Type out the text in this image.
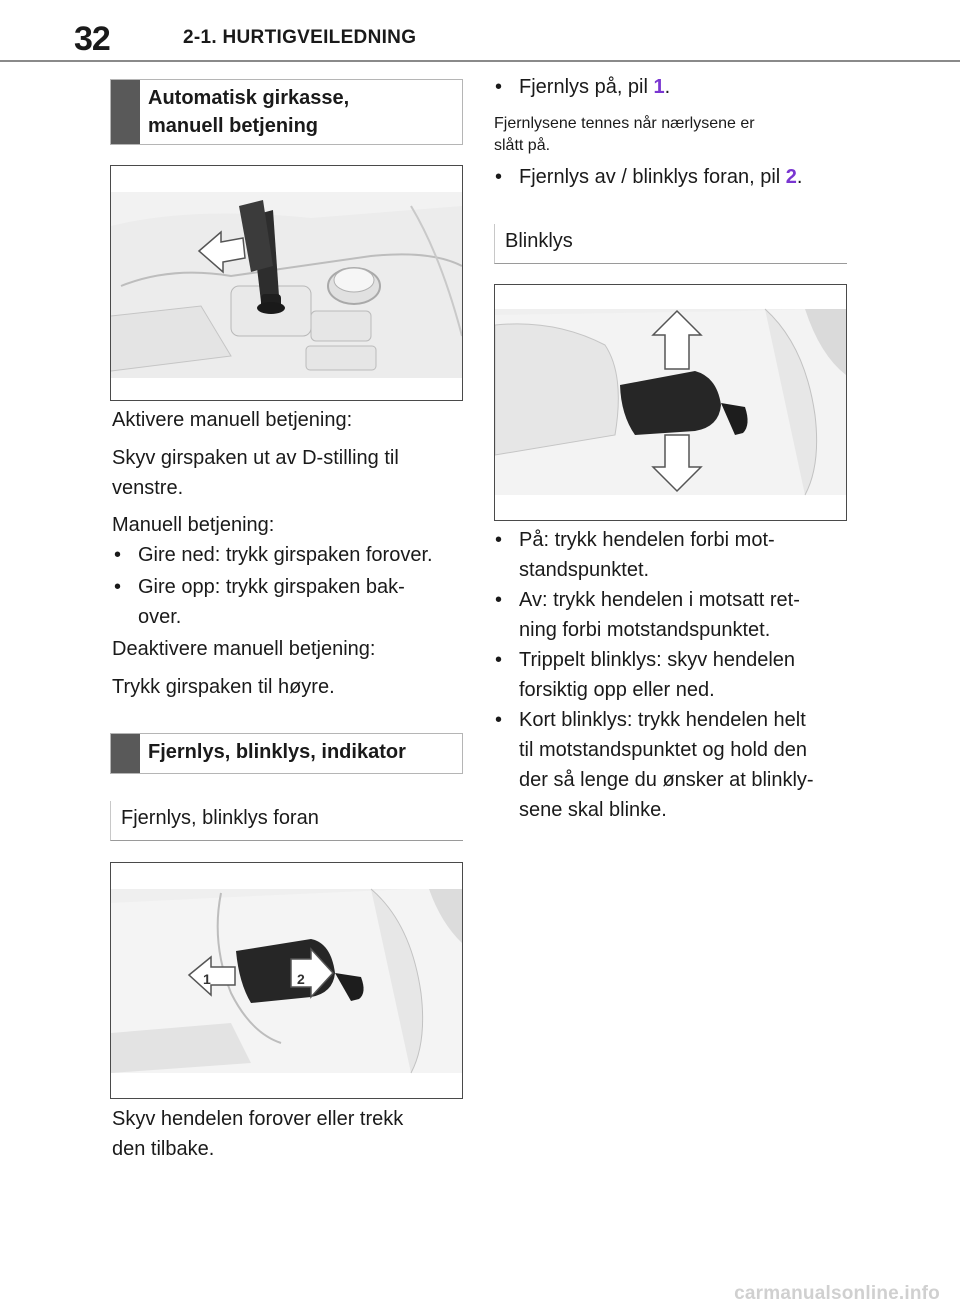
32	2-1. HURTIGVEILEDNING
Automatisk girkasse,
manuell betjening
Aktivere manuell betjening:
Skyv girspaken ut av D-stilling til
venstre.
Manuell betjening:
• Gire ned: trykk girspaken forover.
• Gire opp: trykk girspaken bak-
over.
Deaktivere manuell betjening:
Trykk girspaken til høyre.
Fjernlys, blinklys, indikator
Fjernlys, blinklys foran
1	2
Skyv hendelen forover eller trekk
den tilbake.
• Fjernlys på, pil 1.
Fjernlysene tennes når nærlysene er
slått på.
• Fjernlys av / blinklys foran, pil 2.
Blinklys
• På: trykk hendelen forbi mot-
standspunktet.
• Av: trykk hendelen i motsatt ret-
ning forbi motstandspunktet.
• Trippelt blinklys: skyv hendelen
forsiktig opp eller ned.
• Kort blinklys: trykk hendelen helt
til motstandspunktet og hold den
der så lenge du ønsker at blinkly-
sene skal blinke.
carmanualsonline.info
